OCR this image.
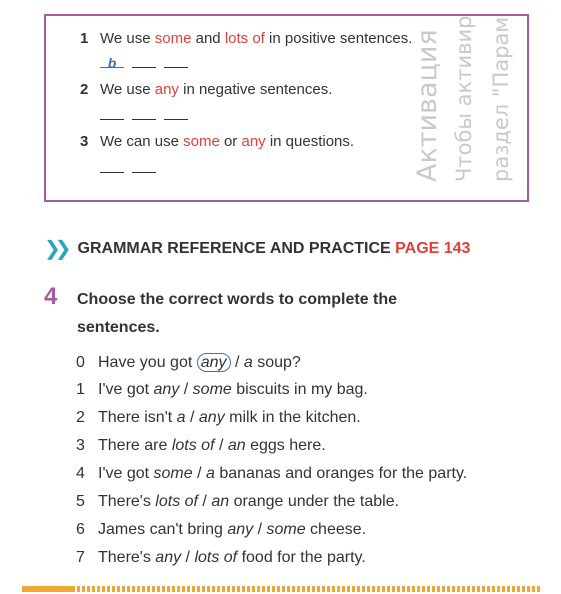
1 We use some and lots of in positive sentences.
b
2 We use any in negative sentences.
3 We can use some or any in questions. Активация Чтобы активир раздел "Парам
❯❯ GRAMMAR REFERENCE AND PRACTICE PAGE 143
4 Choose the correct words to complete the sentences.
0 Have you got any / a soup?
1 I've got any / some biscuits in my bag.
2 There isn't a / any milk in the kitchen.
3 There are lots of / an eggs here.
4 I've got some / a bananas and oranges for the party.
5 There's lots of / an orange under the table.
6 James can't bring any / some cheese.
7 There's any / lots of food for the party.
